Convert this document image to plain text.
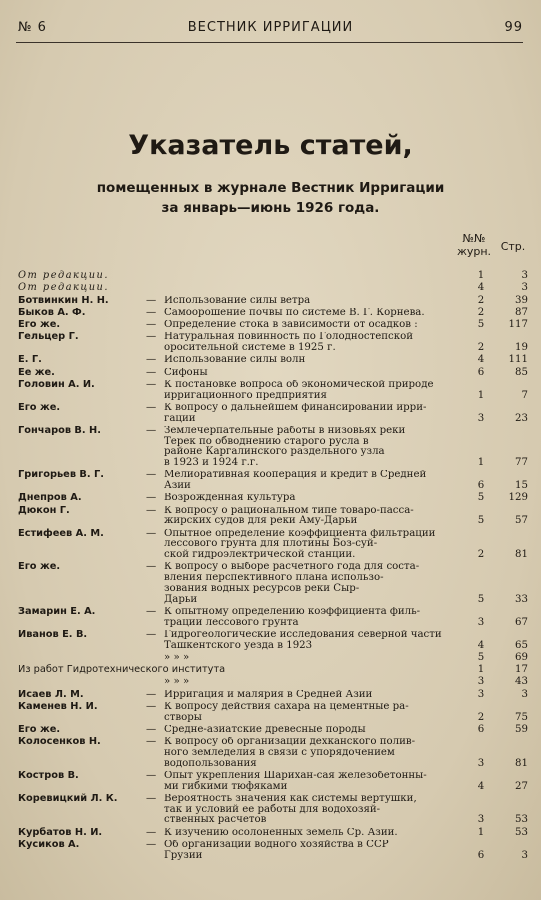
№ 6	ВЕСТНИК ИРРИГАЦИИ	99
Указатель статей,
помещенных в журнале Вестник Ирригации
за январь—июнь 1926 года.
№№
журн. Стр.
От редакции.	1	3
От редакции.	4	3
Ботвинкин Н. Н.	— Использование силы ветра	2	39
Быков А. Ф.	— Самоорошение почвы по системе В. Г. Корнева.	2	87
Его же.	— Определение стока в зависимости от осадков :	5	117
Гельцер Г.	— Натуральная повинность по Голодностепской
оросительной системе в 1925 г.	2	19
Е. Г.	— Использование силы волн	4	111
Ее же.	— Сифоны	6	85
Головин А. И.	— К постановке вопроса об экономической природе
ирригационного предприятия	1	7
Его же.	— К вопросу о дальнейшем финансировании ирри-
гации	3	23
Гончаров В. Н.	— Землечерпательные работы в низовьях реки
Терек по обводнению старого русла в
районе Каргалинского раздельного узла
в 1923 и 1924 г.г.	1	77
Григорьев В. Г.	— Мелиоративная кооперация и кредит в Средней
Азии	6	15
Днепров А.	— Возрожденная культура	5	129
Дюкон Г.	— К вопросу о рациональном типе товаро-пасса-
жирских судов для реки Аму-Дарьи	5	57
Естифеев А. М.	— Опытное определение коэффициента фильтрации
лессового грунта для плотины Боз-суй-
ской гидроэлектрической станции.	2	81
Его же.	— К вопросу о выборе расчетного года для соста-
вления перспективного плана использо-
зования водных ресурсов реки Сыр-
Дарьи	5	33
Замарин Е. А.	— К опытному определению коэффициента филь-
трации лессового грунта	3	67
Иванов Е. В.	— Гидрогеологические исследования северной части
Ташкентского уезда в 1923	4	65
» » »	5	69
Из работ Гидротехнического института	1	17
» » »	3	43
Исаев Л. М.	— Ирригация и малярия в Средней Азии	3	3
Каменев Н. И.	— К вопросу действия сахара на цементные ра-
створы	2	75
Его же.	— Средне-азиатские древесные породы	6	59
Колосенков Н.	— К вопросу об организации дехканского полив-
ного земледелия в связи с упорядочением
водопользования	3	81
Костров В.	— Опыт укрепления Шарихан-сая железобетонны-
ми гибкими тюфяками	4	27
Коревицкий Л. К.	— Вероятность значения как системы вертушки,
так и условий ее работы для водохозяй-
ственных расчетов	3	53
Курбатов Н. И.	— К изучению осолоненных земель Ср. Азии.	1	53
Кусиков А.	— Об организации водного хозяйства в ССР
Грузии	6	3
